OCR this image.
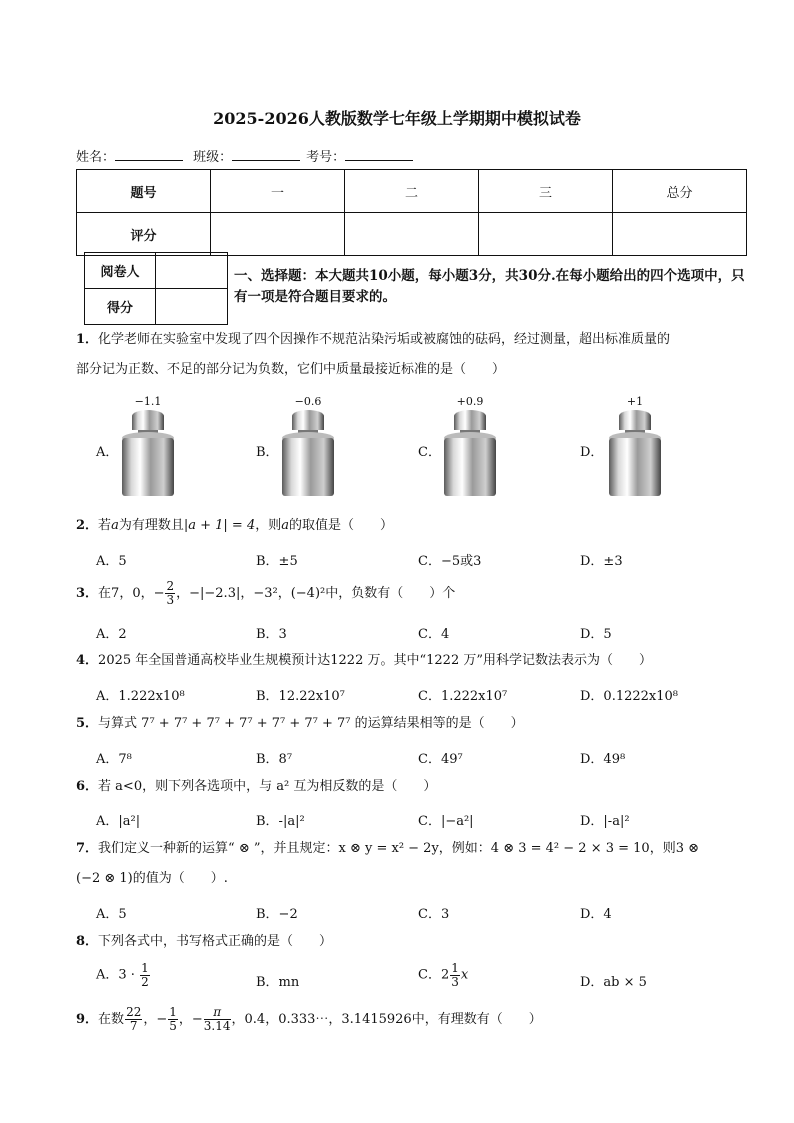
2025-2026人教版数学七年级上学期期中模拟试卷
姓名：	班级：	考号：
题号	一	二	三	总分
评分				
阅卷人	
得分	
一、选择题：本大题共10小题，每小题3分，共30分.在每小题给出的四个选项中，只有一项是符合题目要求的。
1．化学老师在实验室中发现了四个因操作不规范沾染污垢或被腐蚀的砝码，经过测量，超出标准质量的
部分记为正数、不足的部分记为负数，它们中质量最接近标准的是（　　）
A．
−1.1
B．
−0.6
C．
+0.9
D．
+1
2．若a为有理数且|a + 1| = 4，则a的取值是（　　）
A．5	B．±5	C．−5或3	D．±3
3．在7，0，− $\frac{2}{3}$ ，−|−2.3|，−3²，(−4)²中，负数有（　　）个
A．2	B．3	C．4	D．5
4．2025 年全国普通高校毕业生规模预计达1222 万。其中“1222 万”用科学记数法表示为（　　）
A．1.222x10⁸	B．12.22x10⁷	C．1.222x10⁷	D．0.1222x10⁸
5．与算式 7⁷ + 7⁷ + 7⁷ + 7⁷ + 7⁷ + 7⁷ + 7⁷ 的运算结果相等的是（　　）
A．7⁸	B．8⁷	C．49⁷	D．49⁸
6．若 a<0，则下列各选项中，与 a² 互为相反数的是（　　）
A．|a²|	B．-|a|²	C．|−a²|	D．|-a|²
7．我们定义一种新的运算“ ⊗ ”，并且规定：x ⊗ y = x² − 2y，例如：4 ⊗ 3 = 4² − 2 × 3 = 10，则3 ⊗
(−2 ⊗ 1)的值为（　　）.
A．5	B．−2	C．3	D．4
8．下列各式中，书写格式正确的是（　　）
A．$3 \cdot \frac{1}{2}$	B．mn	C．$2 \frac{1}{3}$ x	D．ab × 5
9．在数 $\frac{22}{7}$ ，− $\frac{1}{5}$ ，− $\frac{\pi}{3.14}$ ，0.4，0.333⋯，3.1415926中，有理数有（　　）
